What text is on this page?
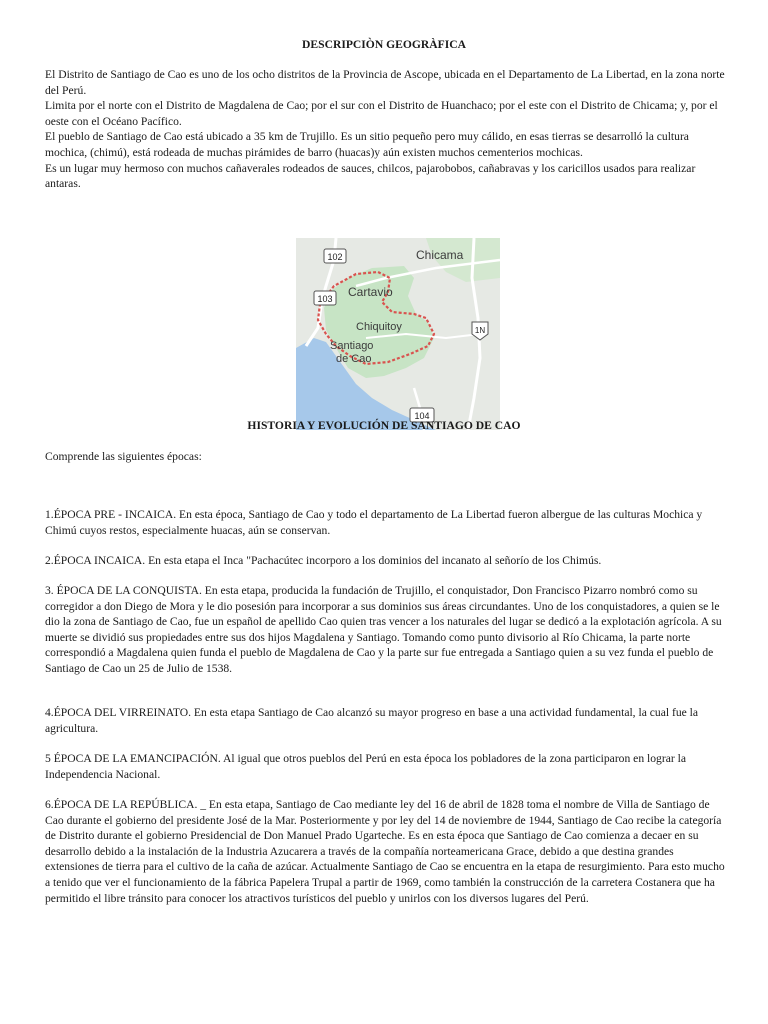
DESCRIPCIÒN GEOGRÀFICA

El Distrito de Santiago de Cao es uno de los ocho distritos de la Provincia de Ascope, ubicada en el Departamento de La Libertad, en la zona norte del Perú.

Limita por el norte con el Distrito de Magdalena de Cao; por el sur con el Distrito de Huanchaco; por el este con el Distrito de Chicama; y, por el oeste con el Océano Pacífico.

El pueblo de Santiago de Cao está ubicado a 35 km de Trujillo. Es un sitio pequeño pero muy cálido, en esas tierras se desarrolló la cultura mochica, (chimú), está rodeada de muchas pirámides de barro (huacas)y aún existen muchos cementerios mochicas.

Es un lugar muy hermoso con muchos cañaverales rodeados de sauces, chilcos, pajarobobos, cañabravas y los caricillos usados para realizar antaras.

102
103
1N
104
Chicama
Cartavio
Chiquitoy
Santiago
de Cao
HISTORIA Y EVOLUCIÓN DE SANTIAGO DE CAO

Comprende las siguientes épocas:

1.ÉPOCA PRE - INCAICA. En esta época, Santiago de Cao y todo el departamento de La Libertad fueron albergue de las culturas Mochica y Chimú cuyos restos, especialmente huacas, aún se conservan.

2.ÉPOCA INCAICA. En esta etapa el Inca "Pachacútec incorporo a los dominios del incanato al señorío de los Chimús.

3. ÉPOCA DE LA CONQUISTA. En esta etapa, producida la fundación de Trujillo, el conquistador, Don Francisco Pizarro nombró como su corregidor a don Diego de Mora y le dio posesión para incorporar a sus dominios sus áreas circundantes. Uno de los conquistadores, a quien se le dio la zona de Santiago de Cao, fue un español de apellido Cao quien tras vencer a los naturales del lugar se dedicó a la explotación agrícola. A su muerte se dividió sus propiedades entre sus dos hijos Magdalena y Santiago. Tomando como punto divisorio al Río Chicama, la parte norte correspondió a Magdalena quien funda el pueblo de Magdalena de Cao y la parte sur fue entregada a Santiago quien a su vez funda el pueblo de Santiago de Cao un 25 de Julio de 1538.

4.ÉPOCA DEL VIRREINATO. En esta etapa Santiago de Cao alcanzó su mayor progreso en base a una actividad fundamental, la cual fue la agricultura.

5 ÉPOCA DE LA EMANCIPACIÓN. Al igual que otros pueblos del Perú en esta época los pobladores de la zona participaron en lograr la Independencia Nacional.

6.ÉPOCA DE LA REPÚBLICA. _ En esta etapa, Santiago de Cao mediante ley del 16 de abril de 1828 toma el nombre de Villa de Santiago de Cao durante el gobierno del presidente José de la Mar. Posteriormente y por ley del 14 de noviembre de 1944, Santiago de Cao recibe la categoría de Distrito durante el gobierno Presidencial de Don Manuel Prado Ugarteche. Es en esta época que Santiago de Cao comienza a decaer en su desarrollo debido a la instalación de la Industria Azucarera a través de la compañía norteamericana Grace, debido a que destina grandes extensiones de tierra para el cultivo de la caña de azúcar. Actualmente Santiago de Cao se encuentra en la etapa de resurgimiento. Para esto mucho a tenido que ver el funcionamiento de la fábrica Papelera Trupal a partir de 1969, como también la construcción de la carretera Costanera que ha permitido el libre tránsito para conocer los atractivos turísticos del pueblo y unirlos con los diversos lugares del Perú.
